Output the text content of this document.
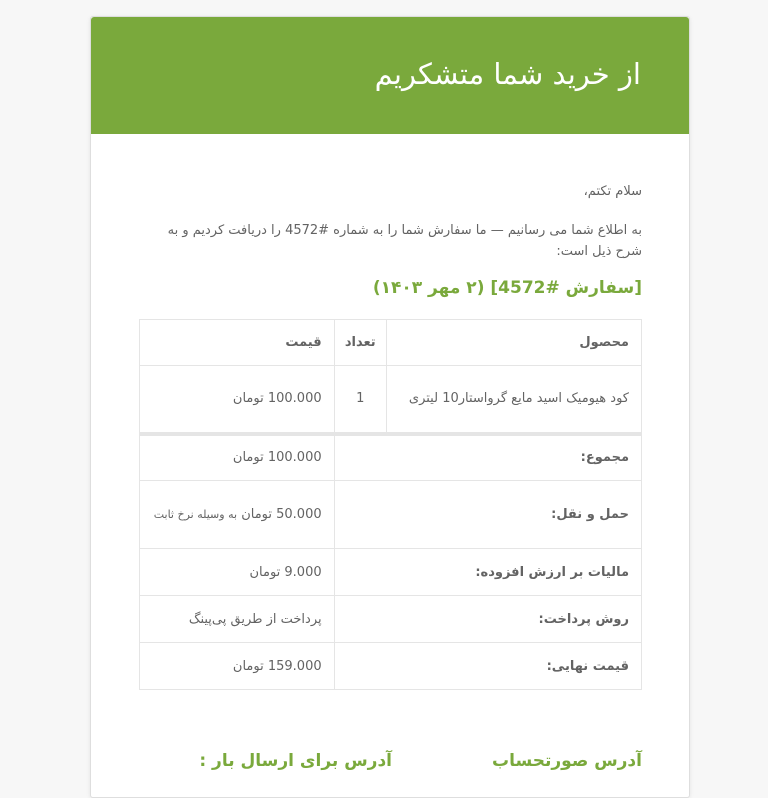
از خرید شما متشکریم

سلام تکتم،

به اطلاع شما می رسانیم — ما سفارش شما را به شماره #4572 را دریافت کردیم و به شرح ذیل است:

[سفارش #4572] (۲ مهر ۱۴۰۳)
محصول	تعداد	قیمت
کود هیومیک اسید مایع گرواستار10 لیتری	1	100.000 تومان
مجموع:		100.000 تومان
حمل و نقل:		50.000 تومان به وسیله نرخ ثابت
مالیات بر ارزش افزوده:		9.000 تومان
روش پرداخت:		پرداخت از طریق پی‌پینگ
قیمت نهایی:		159.000 تومان
آدرس صورتحساب
آدرس برای ارسال بار :
